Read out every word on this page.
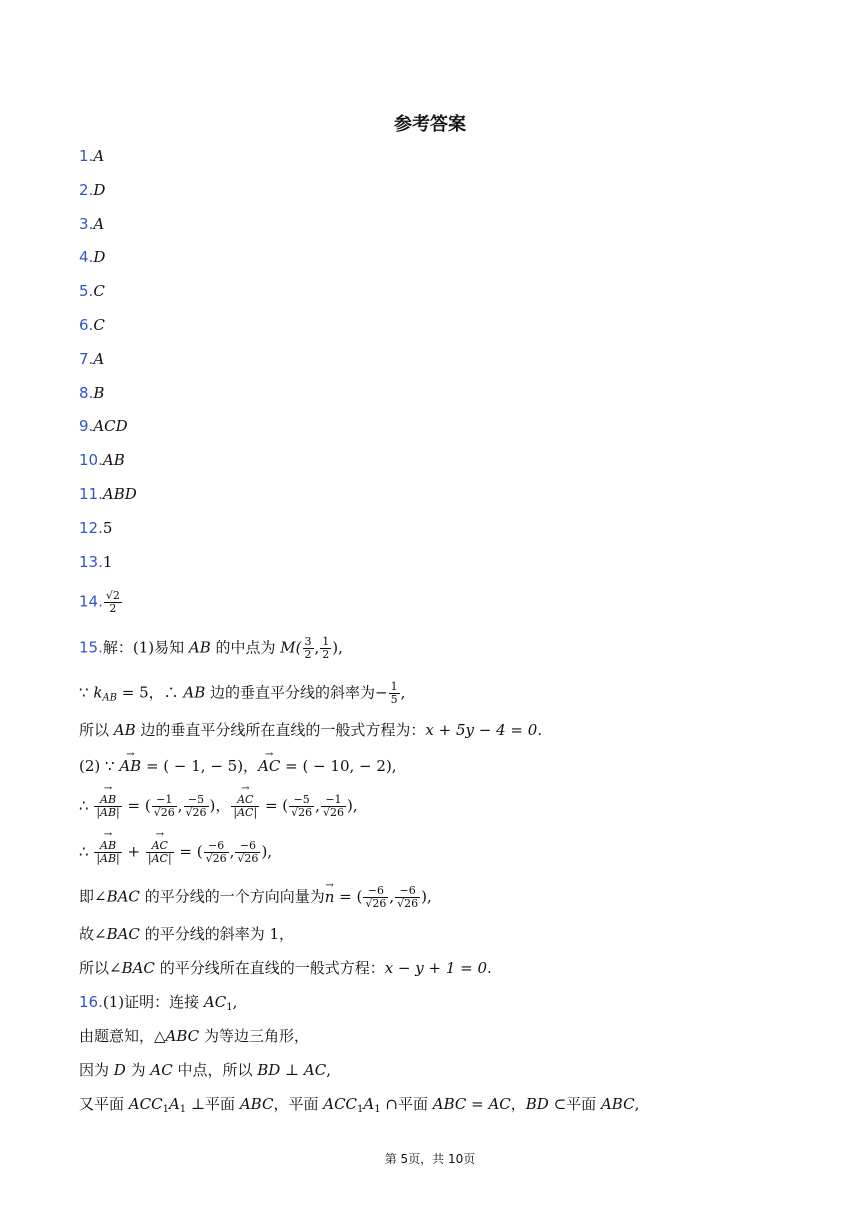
参考答案
1.A
2.D
3.A
4.D
5.C
6.C
7.A
8.B
9.ACD
10.AB
11.ABD
12.5
13.1
14. $\frac{√2}{2}$
15.解：(1)易知 AB 的中点为 $M( \frac{3}{2}$ , $\frac{1}{2}$ ),
∵ $k_{AB} = 5$，∴ AB 边的垂直平分线的斜率为− $\frac{1}{5}$ ,
所以 AB 边的垂直平分线所在直线的一般式方程为：x + 5y − 4 = 0.
(2) ∵ → AB = ( − 1, − 5)，→ AC = ( − 10, − 2),
∴ → $\frac{AB}{|AB|}$ = ( $\frac{-1}{√26}$ , $\frac{-5}{√26}$ )， → $\frac{AC}{|AC|}$ = ( $\frac{-5}{√26}$ , $\frac{-1}{√26}$ ),
∴ → $\frac{AB}{|AB|}$ + → $\frac{AC}{|AC|}$ = ( $\frac{-6}{√26}$ , $\frac{-6}{√26}$ ),
即∠BAC 的平分线的一个方向向量为→ n = ( $\frac{-6}{√26}$ , $\frac{-6}{√26}$ ),
故∠BAC 的平分线的斜率为 1，
所以∠BAC 的平分线所在直线的一般式方程：x − y + 1 = 0.
16.(1)证明：连接 $AC_1$,
由题意知，△ABC 为等边三角形，
因为 D 为 AC 中点，所以 BD ⊥ AC,
又平面 $ACC_1A_1$ ⊥平面 ABC，平面 $ACC_1A_1$ ∩平面 ABC = AC，BD ⊂平面 ABC,
第 5页，共 10页
